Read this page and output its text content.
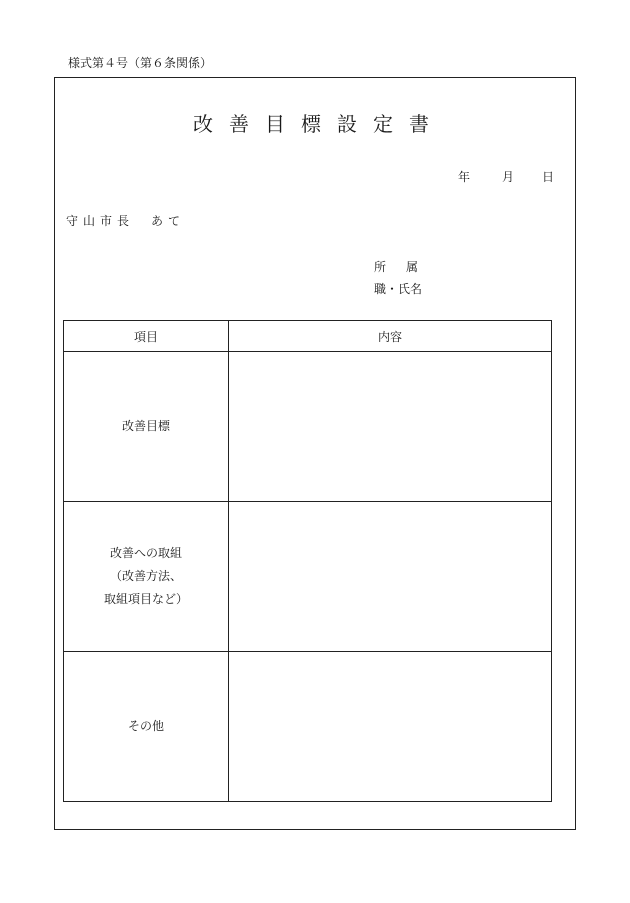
様式第４号（第６条関係）
改善目標設定書
年	月	日
守山市長　あて
所属
職・氏名
項目	内容

改善目標	

改善への取組
（改善方法、
取組項目など）	

その他	
